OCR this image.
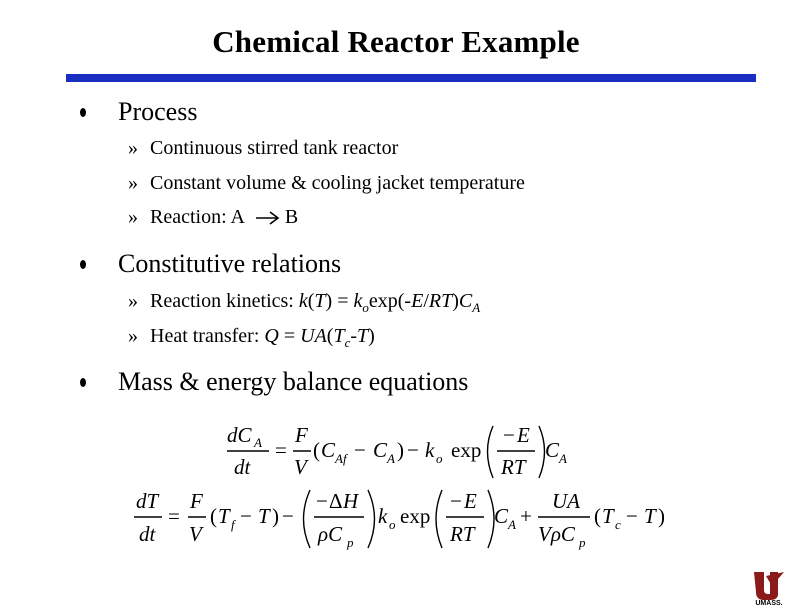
Chemical Reactor Example
Process
» Continuous stirred tank reactor
» Constant volume & cooling jacket temperature
» Reaction: A B
Constitutive relations
» Reaction kinetics: $k(T) = k_o\exp(-E/RT)C_A$
» Heat transfer: $Q = UA(T_c-T)$
Mass & energy balance equations
dC A
dt
=
F
V
( C Af − C A ) − k o exp
− E
RT
C A
dT
dt
=
F
V
( T f − T ) −
− Δ H
ρC p
k o exp
− E
RT
C A +
UA
VρC p
( T c − T )
UMASS.
